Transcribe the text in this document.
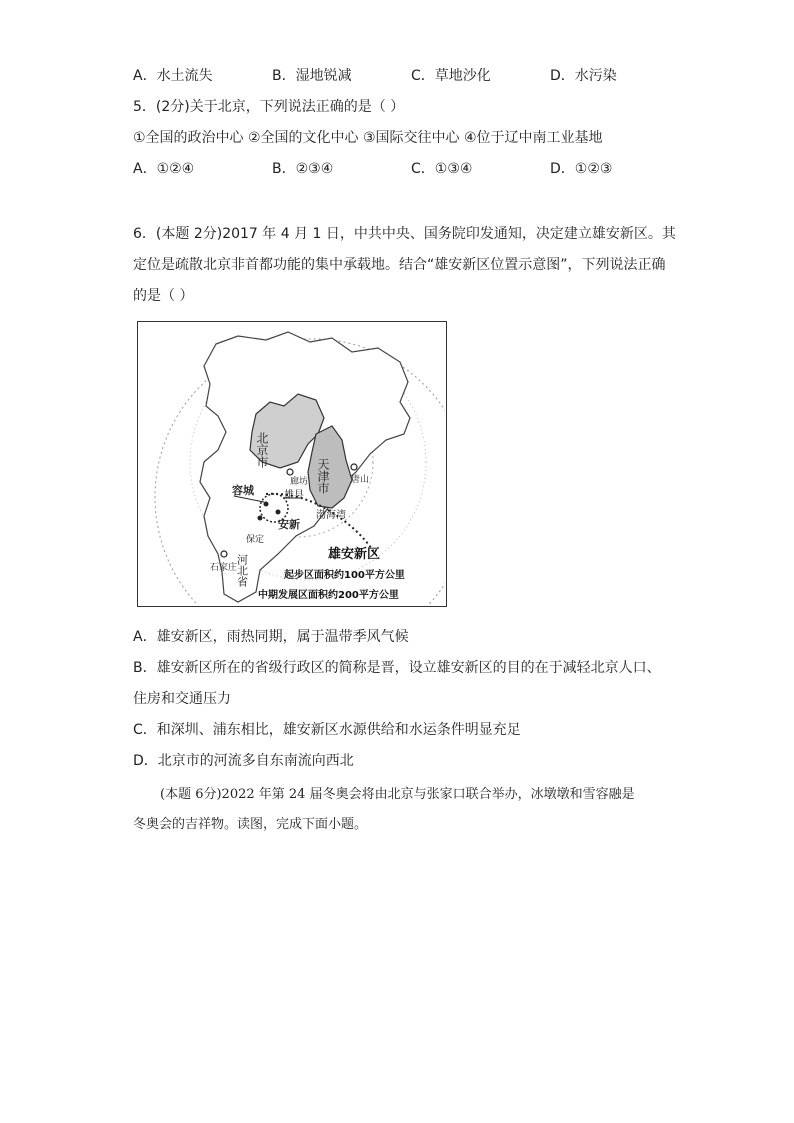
A．水土流失	B．湿地锐减	C．草地沙化	D．水污染
5．(2分)关于北京，下列说法正确的是（ ）
①全国的政治中心 ②全国的文化中心 ③国际交往中心 ④位于辽中南工业基地
A．①②④	B．②③④	C．①③④	D．①②③
6．(本题 2分)2017 年 4 月 1 日，中共中央、国务院印发通知，决定建立雄安新区。其
定位是疏散北京非首都功能的集中承载地。结合“雄安新区位置示意图”，下列说法正确
的是（ ）
北京市
天津市
廊坊	唐山
容城	雄县
安新
保定
渤海湾
石家庄
河北省	雄安新区
起步区面积约100平方公里
中期发展区面积约200平方公里
A．雄安新区，雨热同期，属于温带季风气候
B．雄安新区所在的省级行政区的简称是晋，设立雄安新区的目的在于减轻北京人口、
住房和交通压力
C．和深圳、浦东相比，雄安新区水源供给和水运条件明显充足
D．北京市的河流多自东南流向西北
(本题 6分)2022 年第 24 届冬奥会将由北京与张家口联合举办，冰墩墩和雪容融是
冬奥会的吉祥物。读图，完成下面小题。
